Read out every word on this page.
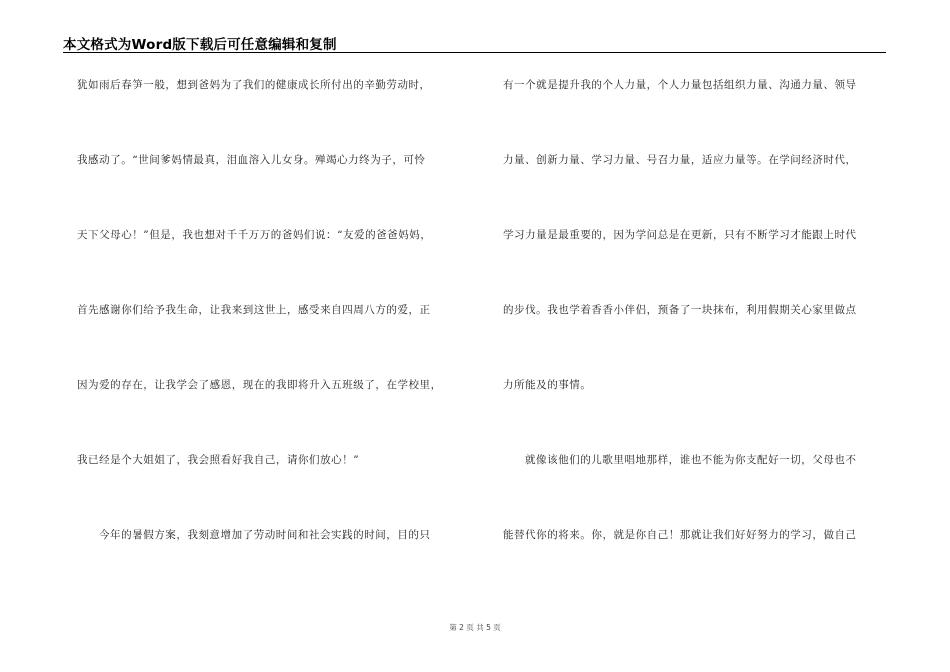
本文格式为Word版下载后可任意编辑和复制
犹如雨后春笋一般，想到爸妈为了我们的健康成长所付出的辛勤劳动时，
我感动了。“世间爹妈情最真，泪血溶入儿女身。殚竭心力终为子，可怜
天下父母心！”但是，我也想对千千万万的爸妈们说：“友爱的爸爸妈妈，
首先感谢你们给予我生命，让我来到这世上，感受来自四周八方的爱，正
因为爱的存在，让我学会了感恩，现在的我即将升入五班级了，在学校里，
我已经是个大姐姐了，我会照看好我自己，请你们放心！”
今年的暑假方案，我刻意增加了劳动时间和社会实践的时间，目的只
有一个就是提升我的个人力量，个人力量包括组织力量、沟通力量、领导
力量、创新力量、学习力量、号召力量，适应力量等。在学问经济时代，
学习力量是最重要的，因为学问总是在更新，只有不断学习才能跟上时代
的步伐。我也学着香香小伴侣，预备了一块抹布，利用假期关心家里做点
力所能及的事情。
就像该他们的儿歌里唱地那样，谁也不能为你支配好一切，父母也不
能替代你的将来。你，就是你自己！那就让我们好好努力的学习，做自己
第 2 页 共 5 页
